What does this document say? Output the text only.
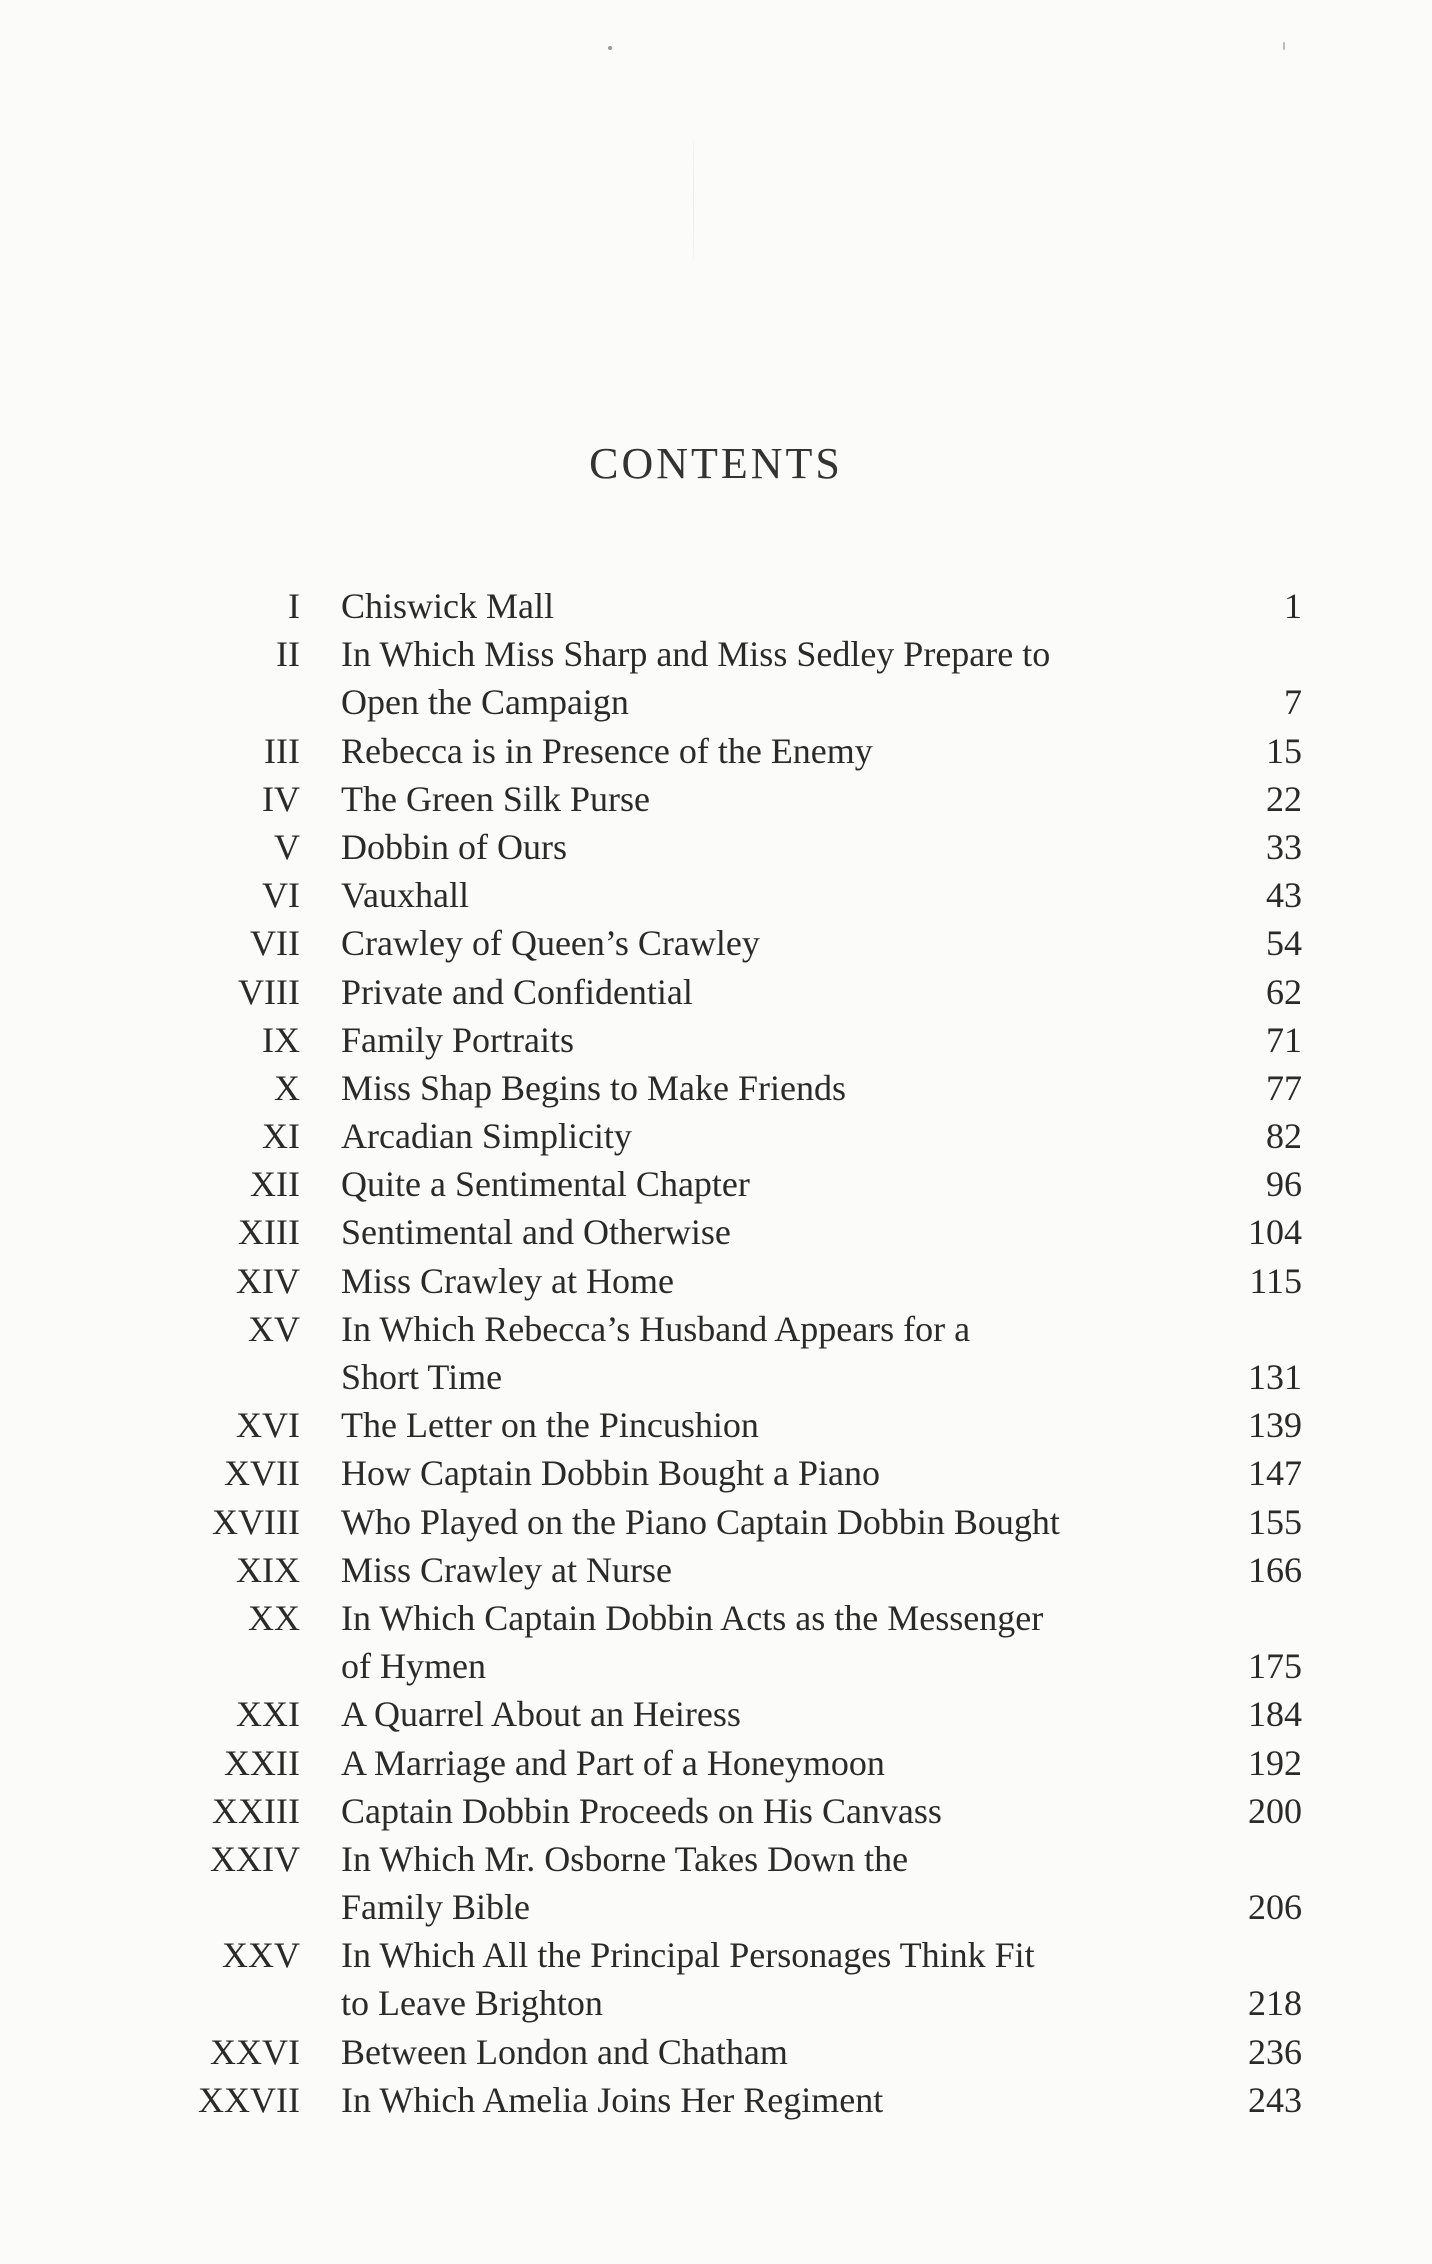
CONTENTS
I Chiswick Mall	1
II In Which Miss Sharp and Miss Sedley Prepare to
Open the Campaign	7
III Rebecca is in Presence of the Enemy	15
IV The Green Silk Purse	22
V Dobbin of Ours	33
VI Vauxhall	43
VII Crawley of Queen’s Crawley	54
VIII Private and Confidential	62
IX Family Portraits	71
X Miss Shap Begins to Make Friends	77
XI Arcadian Simplicity	82
XII Quite a Sentimental Chapter	96
XIII Sentimental and Otherwise	104
XIV Miss Crawley at Home	115
XV In Which Rebecca’s Husband Appears for a
Short Time	131
XVI The Letter on the Pincushion	139
XVII How Captain Dobbin Bought a Piano	147
XVIII Who Played on the Piano Captain Dobbin Bought	155
XIX Miss Crawley at Nurse	166
XX In Which Captain Dobbin Acts as the Messenger
of Hymen	175
XXI A Quarrel About an Heiress	184
XXII A Marriage and Part of a Honeymoon	192
XXIII Captain Dobbin Proceeds on His Canvass	200
XXIV In Which Mr. Osborne Takes Down the
Family Bible	206
XXV In Which All the Principal Personages Think Fit
to Leave Brighton	218
XXVI Between London and Chatham	236
XXVII In Which Amelia Joins Her Regiment	243
